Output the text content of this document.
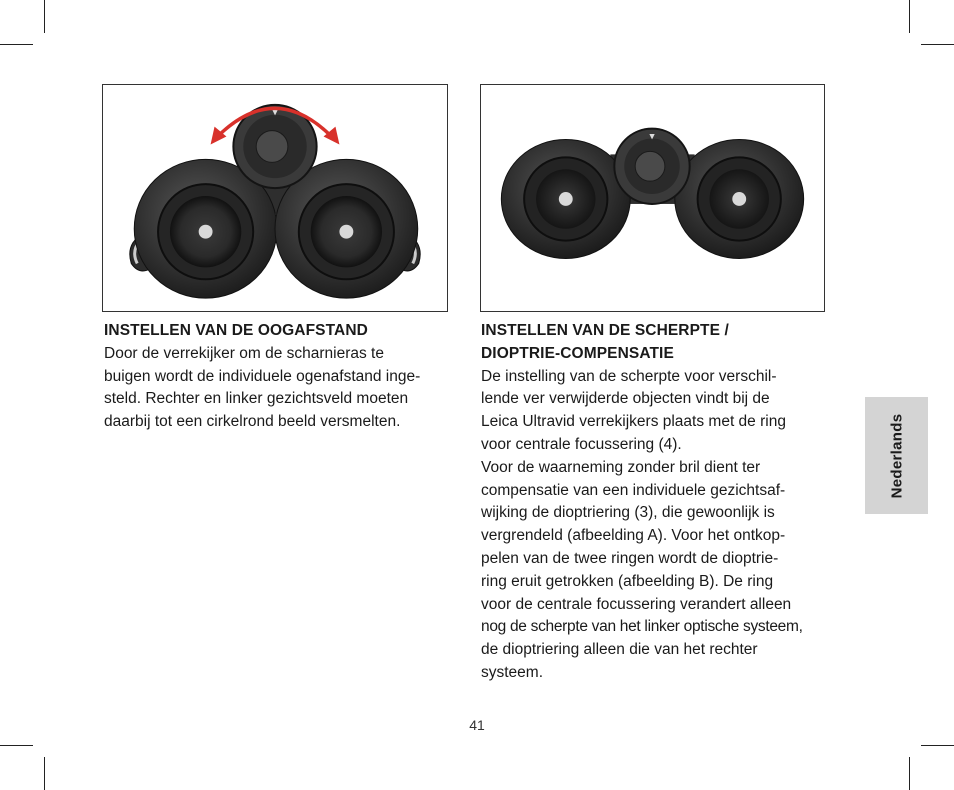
▼
▼
INSTELLEN VAN DE OOGAFSTAND

Door de verrekijker om de scharnieras te
buigen wordt de individuele ogenafstand inge-
steld. Rechter en linker gezichtsveld moeten
daarbij tot een cirkelrond beeld versmelten.

INSTELLEN VAN DE SCHERPTE /
DIOPTRIE-COMPENSATIE

De instelling van de scherpte voor verschil-
lende ver verwijderde objecten vindt bij de
Leica Ultravid verrekijkers plaats met de ring
voor centrale focussering (4).
Voor de waarneming zonder bril dient ter
compensatie van een individuele gezichtsaf-
wijking de dioptriering (3), die gewoonlijk is
vergrendeld (afbeelding A). Voor het ontkop-
pelen van de twee ringen wordt de dioptrie-
ring eruit getrokken (afbeelding B). De ring
voor de centrale focussering verandert alleen
nog de scherpte van het linker optische systeem,
de dioptriering alleen die van het rechter
systeem.

Nederlands
41
